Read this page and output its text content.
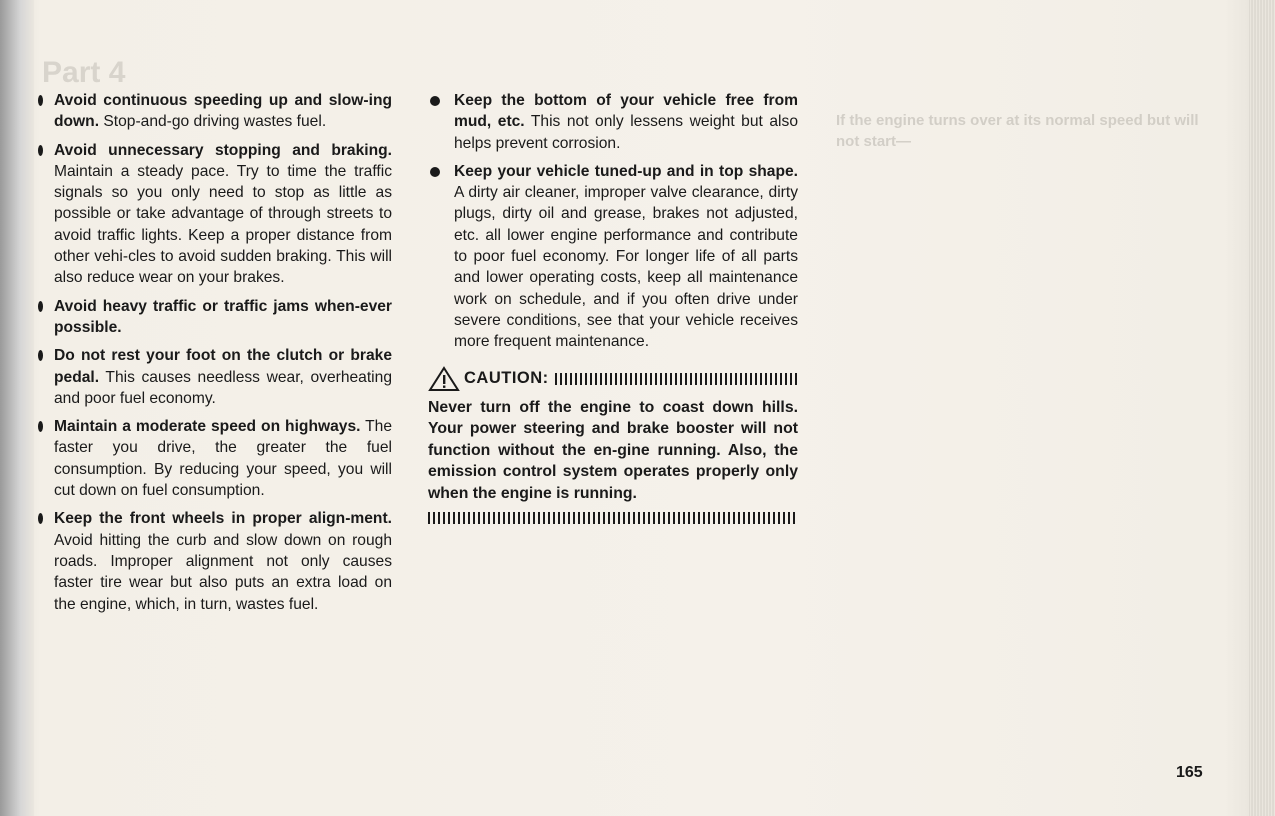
Part 4
If the engine turns over at its normal speed but will not start—
Avoid continuous speeding up and slow-ing down. Stop-and-go driving wastes fuel.
Avoid unnecessary stopping and braking. Maintain a steady pace. Try to time the traffic signals so you only need to stop as little as possible or take advantage of through streets to avoid traffic lights. Keep a proper distance from other vehi-cles to avoid sudden braking. This will also reduce wear on your brakes.
Avoid heavy traffic or traffic jams when-ever possible.
Do not rest your foot on the clutch or brake pedal. This causes needless wear, overheating and poor fuel economy.
Maintain a moderate speed on highways. The faster you drive, the greater the fuel consumption. By reducing your speed, you will cut down on fuel consumption.
Keep the front wheels in proper align-ment. Avoid hitting the curb and slow down on rough roads. Improper alignment not only causes faster tire wear but also puts an extra load on the engine, which, in turn, wastes fuel.
Keep the bottom of your vehicle free from mud, etc. This not only lessens weight but also helps prevent corrosion.
Keep your vehicle tuned-up and in top shape. A dirty air cleaner, improper valve clearance, dirty plugs, dirty oil and grease, brakes not adjusted, etc. all lower engine performance and contribute to poor fuel economy. For longer life of all parts and lower operating costs, keep all maintenance work on schedule, and if you often drive under severe conditions, see that your vehicle receives more frequent maintenance.
CAUTION:
Never turn off the engine to coast down hills. Your power steering and brake booster will not function without the en-gine running. Also, the emission control system operates properly only when the engine is running.
165
